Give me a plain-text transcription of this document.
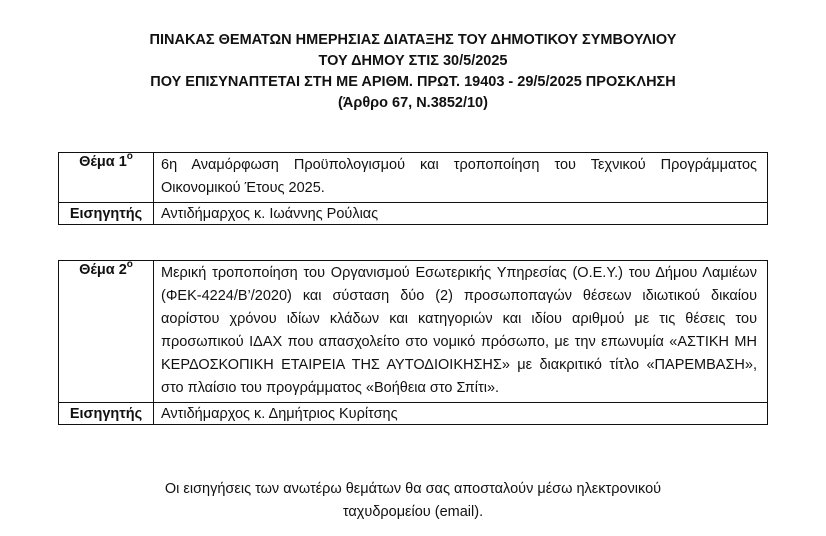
ΠΙΝΑΚΑΣ ΘΕΜΑΤΩΝ ΗΜΕΡΗΣΙΑΣ ΔΙΑΤΑΞΗΣ ΤΟΥ ΔΗΜΟΤΙΚΟΥ ΣΥΜΒΟΥΛΙΟΥ
ΤΟΥ ΔΗΜΟΥ ΣΤΙΣ 30/5/2025
ΠΟΥ ΕΠΙΣΥΝΑΠΤΕΤΑΙ ΣΤΗ ΜΕ ΑΡΙΘΜ. ΠΡΩΤ. 19403 - 29/5/2025 ΠΡΟΣΚΛΗΣΗ
(Άρθρο 67, Ν.3852/10)
Θέμα $1^o$	6η Αναμόρφωση Προϋπολογισμού και τροποποίηση του Τεχνικού Προγράμματος Οικονομικού Έτους 2025.
Εισηγητής	Αντιδήμαρχος κ. Ιωάννης Ρούλιας
Θέμα $2^o$	Μερική τροποποίηση του Οργανισμού Εσωτερικής Υπηρεσίας (Ο.Ε.Υ.) του Δήμου Λαμιέων (ΦΕΚ-4224/Β’/2020) και σύσταση δύο (2) προσωποπαγών θέσεων ιδιωτικού δικαίου αορίστου χρόνου ιδίων κλάδων και κατηγοριών και ιδίου αριθμού με τις θέσεις του προσωπικού ΙΔΑΧ που απασχολείτο στο νομικό πρόσωπο, με την επωνυμία «ΑΣΤΙΚΗ ΜΗ ΚΕΡΔΟΣΚΟΠΙΚΗ ΕΤΑΙΡΕΙΑ ΤΗΣ ΑΥΤΟΔΙΟΙΚΗΣΗΣ» με διακριτικό τίτλο «ΠΑΡΕΜΒΑΣΗ», στο πλαίσιο του προγράμματος «Βοήθεια στο Σπίτι».
Εισηγητής	Αντιδήμαρχος κ. Δημήτριος Κυρίτσης
Οι εισηγήσεις των ανωτέρω θεμάτων θα σας αποσταλούν μέσω ηλεκτρονικού
ταχυδρομείου (email).
